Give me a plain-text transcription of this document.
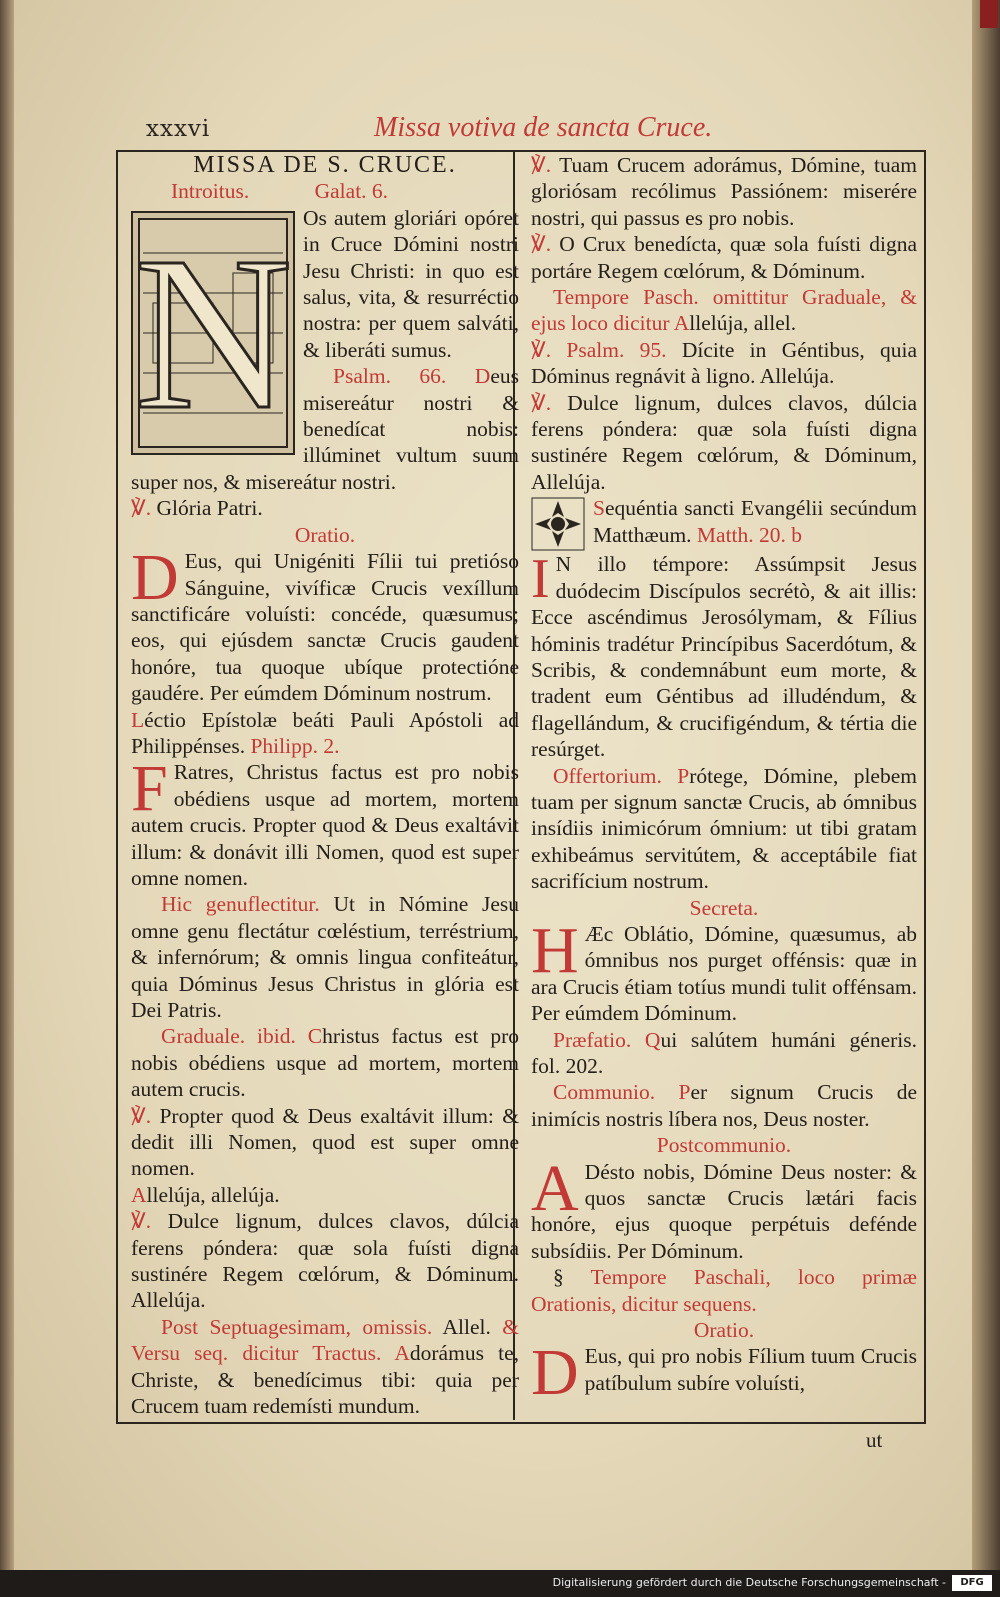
xxxvi	Missa votiva de sancta Cruce.

MISSA DE S. CRUCE.

Introitus.	Galat. 6.

N Os autem gloriári opóret in Cruce Dómini nostri Jesu Christi: in quo est salus, vita, & resurréctio nostra: per quem salváti, & liberáti sumus.

Psalm. 66. Deus misereátur nostri & benedícat nobis: illúminet vultum suum super nos, & misereátur nostri.

℣. Glória Patri.

Oratio.

D Eus, qui Unigéniti Fílii tui pretióso Sánguine, vivíficæ Crucis vexíllum sanctificáre voluísti: concéde, quæsumus; eos, qui ejúsdem sanctæ Crucis gaudent honóre, tua quoque ubíque protectióne gaudére. Per eúmdem Dóminum nostrum.

Léctio Epístolæ beáti Pauli Apóstoli ad Philippénses. Philipp. 2.

F Ratres, Christus factus est pro nobis obédiens usque ad mortem, mortem autem crucis. Propter quod & Deus exaltávit illum: & donávit illi Nomen, quod est super omne nomen.

Hic genuflectitur. Ut in Nómine Jesu omne genu flectátur cœléstium, terréstrium, & infernórum; & omnis lingua confiteátur, quia Dóminus Jesus Christus in glória est Dei Patris.

Graduale. ibid. Christus factus est pro nobis obédiens usque ad mortem, mortem autem crucis.

℣. Propter quod & Deus exaltávit illum: & dedit illi Nomen, quod est super omne nomen.

Allelúja, allelúja.

℣. Dulce lignum, dulces clavos, dúlcia ferens póndera: quæ sola fuísti digna sustinére Regem cœlórum, & Dóminum. Allelúja.

Post Septuagesimam, omissis. Allel. & Versu seq. dicitur Tractus. Adorámus te, Christe, & benedícimus tibi: quia per Crucem tuam redemísti mundum.

℣. Tuam Crucem adorámus, Dómine, tuam gloriósam recólimus Passiónem: miserére nostri, qui passus es pro nobis.

℣. O Crux benedícta, quæ sola fuísti digna portáre Regem cœlórum, & Dóminum.

Tempore Pasch. omittitur Graduale, & ejus loco dicitur Allelúja, allel.

℣. Psalm. 95. Dícite in Géntibus, quia Dóminus regnávit à ligno. Allelúja.

℣. Dulce lignum, dulces clavos, dúlcia ferens póndera: quæ sola fuísti digna sustinére Regem cœlórum, & Dóminum, Allelúja.

Sequéntia sancti Evangélii secúndum Matthæum. Matth. 20. b

I N illo témpore: Assúmpsit Jesus duódecim Discípulos secrétò, & ait illis: Ecce ascéndimus Jerosólymam, & Fílius hóminis tradétur Princípibus Sacerdótum, & Scribis, & condemnábunt eum morte, & tradent eum Géntibus ad illudéndum, & flagellándum, & crucifigéndum, & tértia die resúrget.

Offertorium. Prótege, Dómine, plebem tuam per signum sanctæ Crucis, ab ómnibus insídiis inimicórum ómnium: ut tibi gratam exhibeámus servitútem, & acceptábile fiat sacrifícium nostrum.

Secreta.

H Æc Oblátio, Dómine, quæsumus, ab ómnibus nos purget offénsis: quæ in ara Crucis étiam totíus mundi tulit offénsam. Per eúmdem Dóminum.

Præfatio. Qui salútem humáni géneris. fol. 202.

Communio. Per signum Crucis de inimícis nostris líbera nos, Deus noster.

Postcommunio.

A Désto nobis, Dómine Deus noster: & quos sanctæ Crucis lætári facis honóre, ejus quoque perpétuis defénde subsídiis. Per Dóminum.

§ Tempore Paschali, loco primæ Orationis, dicitur sequens.

Oratio.

D Eus, qui pro nobis Fílium tuum Crucis patíbulum subíre voluísti,

ut
Digitalisierung gefördert durch die Deutsche Forschungsgemeinschaft -	DFG
